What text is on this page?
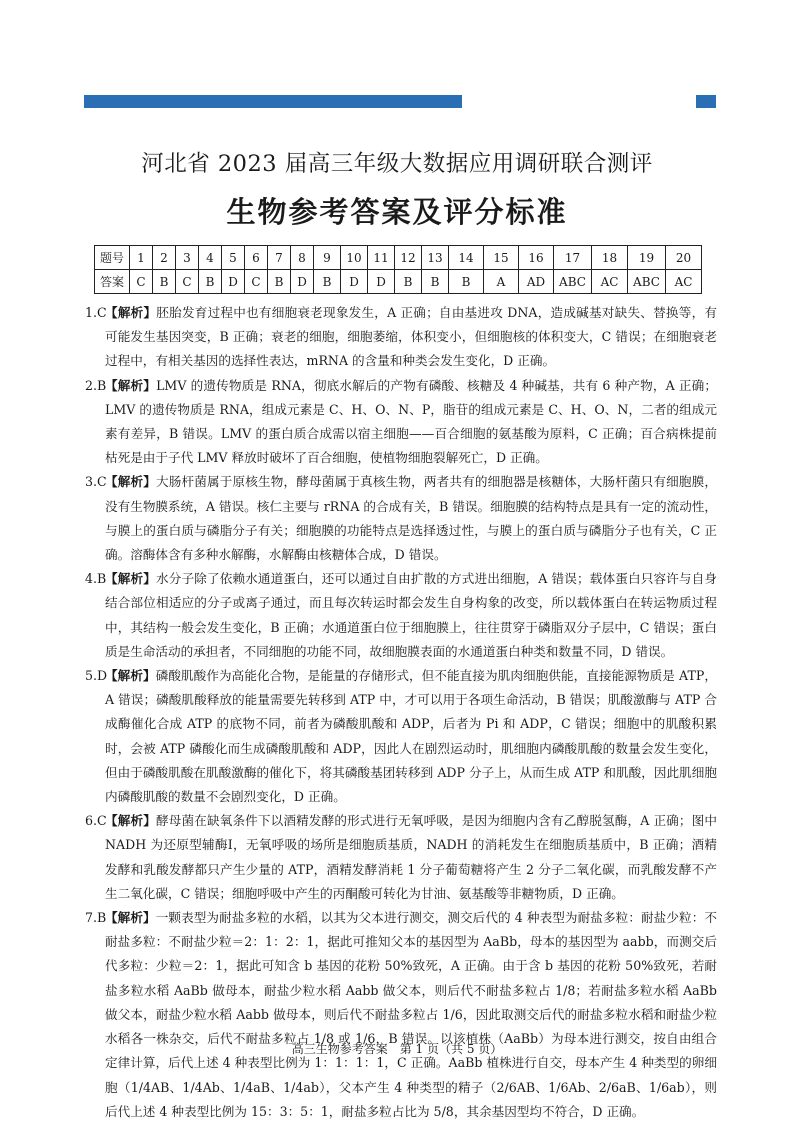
河北省 2023 届高三年级大数据应用调研联合测评
生物参考答案及评分标准
题号	1	2	3	4	5	6	7	8	9	10	11	12	13	14	15	16	17	18	19	20
答案	C	B	C	B	D	C	B	D	B	D	D	B	B	B	A	AD	ABC	AC	ABC	AC

1.C
【解析】胚胎发育过程中也有细胞衰老现象发生，A 正确；自由基进攻 DNA，造成碱基对缺失、替换等，有可能发生基因突变，B 正确；衰老的细胞，细胞萎缩，体积变小，但细胞核的体积变大，C 错误；在细胞衰老过程中，有相关基因的选择性表达，mRNA 的含量和种类会发生变化，D 正确。

2.B
【解析】LMV 的遗传物质是 RNA，彻底水解后的产物有磷酸、核糖及 4 种碱基，共有 6 种产物，A 正确；LMV 的遗传物质是 RNA，组成元素是 C、H、O、N、P，脂苷的组成元素是 C、H、O、N，二者的组成元素有差异，B 错误。LMV 的蛋白质合成需以宿主细胞——百合细胞的氨基酸为原料，C 正确；百合病株提前枯死是由于子代 LMV 释放时破坏了百合细胞，使植物细胞裂解死亡，D 正确。

3.C
【解析】大肠杆菌属于原核生物，酵母菌属于真核生物，两者共有的细胞器是核糖体，大肠杆菌只有细胞膜，没有生物膜系统，A 错误。核仁主要与 rRNA 的合成有关，B 错误。细胞膜的结构特点是具有一定的流动性，与膜上的蛋白质与磷脂分子有关；细胞膜的功能特点是选择透过性，与膜上的蛋白质与磷脂分子也有关，C 正确。溶酶体含有多种水解酶，水解酶由核糖体合成，D 错误。

4.B
【解析】水分子除了依赖水通道蛋白，还可以通过自由扩散的方式进出细胞，A 错误；载体蛋白只容许与自身结合部位相适应的分子或离子通过，而且每次转运时都会发生自身构象的改变，所以载体蛋白在转运物质过程中，其结构一般会发生变化，B 正确；水通道蛋白位于细胞膜上，往往贯穿于磷脂双分子层中，C 错误；蛋白质是生命活动的承担者，不同细胞的功能不同，故细胞膜表面的水通道蛋白种类和数量不同，D 错误。

5.D
【解析】磷酸肌酸作为高能化合物，是能量的存储形式，但不能直接为肌肉细胞供能，直接能源物质是 ATP，A 错误；磷酸肌酸释放的能量需要先转移到 ATP 中，才可以用于各项生命活动，B 错误；肌酸激酶与 ATP 合成酶催化合成 ATP 的底物不同，前者为磷酸肌酸和 ADP，后者为 Pi 和 ADP，C 错误；细胞中的肌酸积累时，会被 ATP 磷酸化而生成磷酸肌酸和 ADP，因此人在剧烈运动时，肌细胞内磷酸肌酸的数量会发生变化，但由于磷酸肌酸在肌酸激酶的催化下，将其磷酸基团转移到 ADP 分子上，从而生成 ATP 和肌酸，因此肌细胞内磷酸肌酸的数量不会剧烈变化，D 正确。

6.C
【解析】酵母菌在缺氧条件下以酒精发酵的形式进行无氧呼吸，是因为细胞内含有乙醇脱氢酶，A 正确；图中 NADH 为还原型辅酶Ⅰ，无氧呼吸的场所是细胞质基质，NADH 的消耗发生在细胞质基质中，B 正确；酒精发酵和乳酸发酵都只产生少量的 ATP，酒精发酵消耗 1 分子葡萄糖将产生 2 分子二氧化碳，而乳酸发酵不产生二氧化碳，C 错误；细胞呼吸中产生的丙酮酸可转化为甘油、氨基酸等非糖物质，D 正确。

7.B
【解析】一颗表型为耐盐多粒的水稻，以其为父本进行测交，测交后代的 4 种表型为耐盐多粒：耐盐少粒：不耐盐多粒：不耐盐少粒＝2：1：2：1，据此可推知父本的基因型为 AaBb，母本的基因型为 aabb，而测交后代多粒：少粒＝2：1，据此可知含 b 基因的花粉 50%致死，A 正确。由于含 b 基因的花粉 50%致死，若耐盐多粒水稻 AaBb 做母本，耐盐少粒水稻 Aabb 做父本，则后代不耐盐多粒占 1/8；若耐盐多粒水稻 AaBb 做父本，耐盐少粒水稻 Aabb 做母本，则后代不耐盐多粒占 1/6，因此取测交后代的耐盐多粒水稻和耐盐少粒水稻各一株杂交，后代不耐盐多粒占 1/8 或 1/6，B 错误。以该植株（AaBb）为母本进行测交，按自由组合定律计算，后代上述 4 种表型比例为 1：1：1：1，C 正确。AaBb 植株进行自交，母本产生 4 种类型的卵细胞（1/4AB、1/4Ab、1/4aB、1/4ab），父本产生 4 种类型的精子（2/6AB、1/6Ab、2/6aB、1/6ab），则后代上述 4 种表型比例为 15：3：5：1，耐盐多粒占比为 5/8，其余基因型均不符合，D 正确。

高三生物参考答案　第 1 页（共 5 页）
